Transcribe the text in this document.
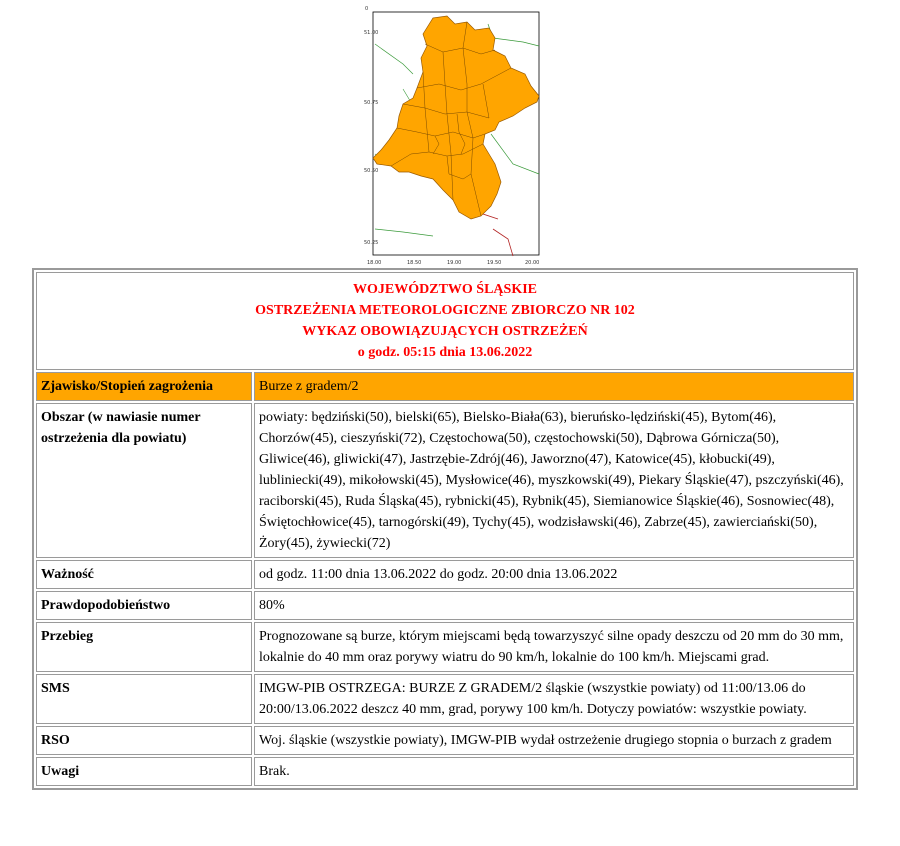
0
51.00
50.75
50.50
50.25
18.00	18.50	19.00	19.50	20.00
WOJEWÓDZTWO ŚLĄSKIE
OSTRZEŻENIA METEOROLOGICZNE ZBIORCZO NR 102
WYKAZ OBOWIĄZUJĄCYCH OSTRZEŻEŃ
o godz. 05:15 dnia 13.06.2022	

Zjawisko/Stopień zagrożenia	Burze z gradem/2
Obszar (w nawiasie numer ostrzeżenia dla powiatu)	powiaty: będziński(50), bielski(65), Bielsko-Biała(63), bieruńsko-lędziński(45), Bytom(46), Chorzów(45), cieszyński(72), Częstochowa(50), częstochowski(50), Dąbrowa Górnicza(50), Gliwice(46), gliwicki(47), Jastrzębie-Zdrój(46), Jaworzno(47), Katowice(45), kłobucki(49), lubliniecki(49), mikołowski(45), Mysłowice(46), myszkowski(49), Piekary Śląskie(47), pszczyński(46), raciborski(45), Ruda Śląska(45), rybnicki(45), Rybnik(45), Siemianowice Śląskie(46), Sosnowiec(48), Świętochłowice(45), tarnogórski(49), Tychy(45), wodzisławski(46), Zabrze(45), zawierciański(50), Żory(45), żywiecki(72)
Ważność	od godz. 11:00 dnia 13.06.2022 do godz. 20:00 dnia 13.06.2022
Prawdopodobieństwo	80%
Przebieg	Prognozowane są burze, którym miejscami będą towarzyszyć silne opady deszczu od 20 mm do 30 mm, lokalnie do 40 mm oraz porywy wiatru do 90 km/h, lokalnie do 100 km/h. Miejscami grad.
SMS	IMGW-PIB OSTRZEGA: BURZE Z GRADEM/2 śląskie (wszystkie powiaty) od 11:00/13.06 do 20:00/13.06.2022 deszcz 40 mm, grad, porywy 100 km/h. Dotyczy powiatów: wszystkie powiaty.
RSO	Woj. śląskie (wszystkie powiaty), IMGW-PIB wydał ostrzeżenie drugiego stopnia o burzach z gradem
Uwagi	Brak.
